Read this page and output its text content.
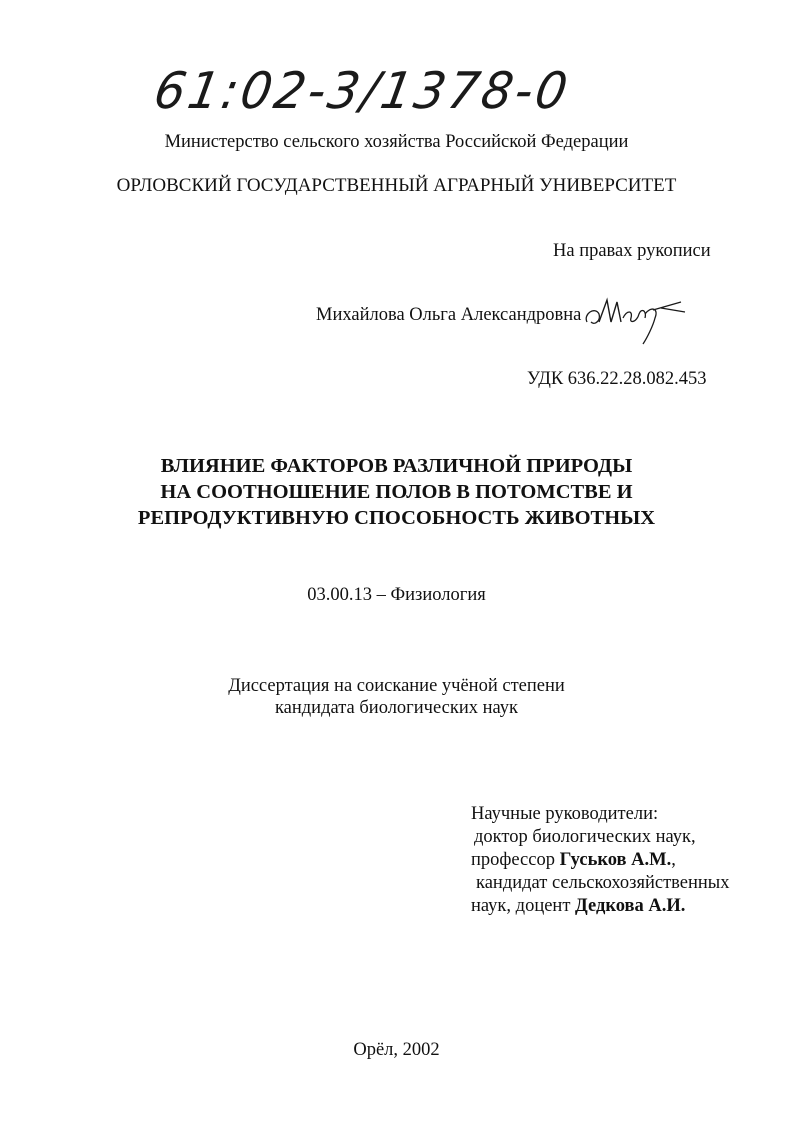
61:02-3/1378-0
Министерство сельского хозяйства Российской Федерации
ОРЛОВСКИЙ ГОСУДАРСТВЕННЫЙ АГРАРНЫЙ УНИВЕРСИТЕТ
На правах рукописи
Михайлова Ольга Александровна
УДК 636.22.28.082.453
ВЛИЯНИЕ ФАКТОРОВ РАЗЛИЧНОЙ ПРИРОДЫ
НА СООТНОШЕНИЕ ПОЛОВ В ПОТОМСТВЕ И
РЕПРОДУКТИВНУЮ СПОСОБНОСТЬ ЖИВОТНЫХ
03.00.13 – Физиология
Диссертация на соискание учёной степени
кандидата биологических наук
Научные руководители:
доктор биологических наук,
профессор Гуськов А.М.,
кандидат сельскохозяйственных
наук, доцент Дедкова А.И.
Орёл, 2002
